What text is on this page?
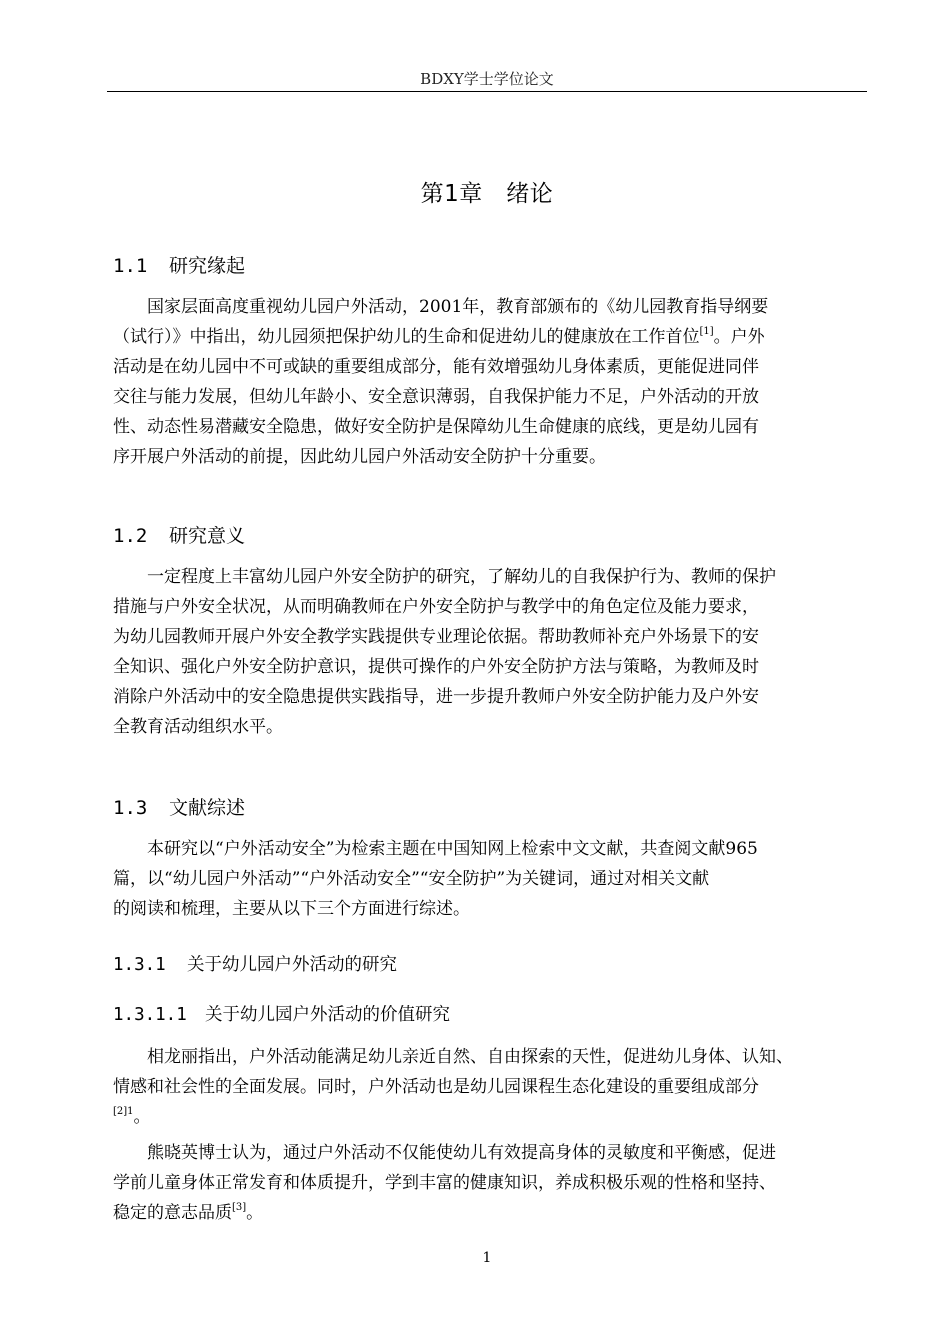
BDXY学士学位论文
第1章　绪论
1.1 研究缘起
国家层面高度重视幼儿园户外活动，2001年，教育部颁布的《幼儿园教育指导纲要
（试行）》中指出，幼儿园须把保护幼儿的生命和促进幼儿的健康放在工作首位[1]。户外
活动是在幼儿园中不可或缺的重要组成部分，能有效增强幼儿身体素质，更能促进同伴
交往与能力发展，但幼儿年龄小、安全意识薄弱，自我保护能力不足，户外活动的开放
性、动态性易潜藏安全隐患，做好安全防护是保障幼儿生命健康的底线，更是幼儿园有
序开展户外活动的前提，因此幼儿园户外活动安全防护十分重要。
1.2 研究意义
一定程度上丰富幼儿园户外安全防护的研究，了解幼儿的自我保护行为、教师的保护
措施与户外安全状况，从而明确教师在户外安全防护与教学中的角色定位及能力要求，
为幼儿园教师开展户外安全教学实践提供专业理论依据。帮助教师补充户外场景下的安
全知识、强化户外安全防护意识，提供可操作的户外安全防护方法与策略，为教师及时
消除户外活动中的安全隐患提供实践指导，进一步提升教师户外安全防护能力及户外安
全教育活动组织水平。
1.3 文献综述
本研究以“户外活动安全”为检索主题在中国知网上检索中文文献，共查阅文献965
篇，以“幼儿园户外活动”“户外活动安全”“安全防护”为关键词，通过对相关文献
的阅读和梳理，主要从以下三个方面进行综述。
1.3.1 关于幼儿园户外活动的研究
1.3.1.1 关于幼儿园户外活动的价值研究
相龙丽指出，户外活动能满足幼儿亲近自然、自由探索的天性，促进幼儿身体、认知、
情感和社会性的全面发展。同时，户外活动也是幼儿园课程生态化建设的重要组成部分
$^{[2]1}$。
熊晓英博士认为，通过户外活动不仅能使幼儿有效提高身体的灵敏度和平衡感，促进
学前儿童身体正常发育和体质提升，学到丰富的健康知识，养成积极乐观的性格和坚持、
稳定的意志品质[3]。
1
